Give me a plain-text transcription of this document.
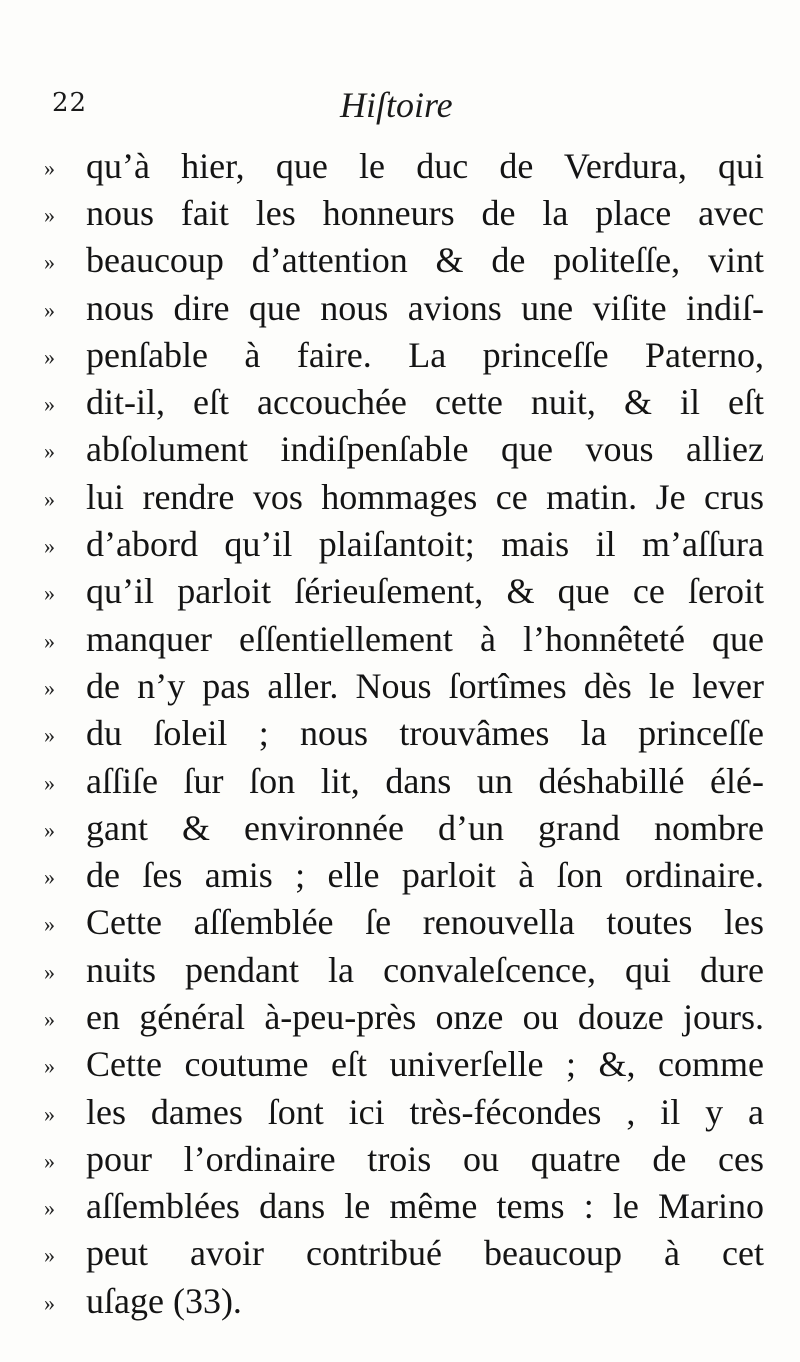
22	Hiſtoire
» qu’à hier, que le duc de Verdura, qui
» nous fait les honneurs de la place avec
» beaucoup d’attention & de politeſſe, vint
» nous dire que nous avions une viſite indiſ-
» penſable à faire. La princeſſe Paterno,
» dit-il, eſt accouchée cette nuit, & il eſt
» abſolument indiſpenſable que vous alliez
» lui rendre vos hommages ce matin. Je crus
» d’abord qu’il plaiſantoit; mais il m’aſſura
» qu’il parloit ſérieuſement, & que ce ſeroit
» manquer eſſentiellement à l’honnêteté que
» de n’y pas aller. Nous ſortîmes dès le lever
» du ſoleil ; nous trouvâmes la princeſſe
» aſſiſe ſur ſon lit, dans un déshabillé élé-
» gant & environnée d’un grand nombre
» de ſes amis ; elle parloit à ſon ordinaire.
» Cette aſſemblée ſe renouvella toutes les
» nuits pendant la convaleſcence, qui dure
» en général à-peu-près onze ou douze jours.
» Cette coutume eſt univerſelle ; &, comme
» les dames ſont ici très-fécondes , il y a
» pour l’ordinaire trois ou quatre de ces
» aſſemblées dans le même tems : le Marino
» peut avoir contribué beaucoup à cet
» uſage (33).
